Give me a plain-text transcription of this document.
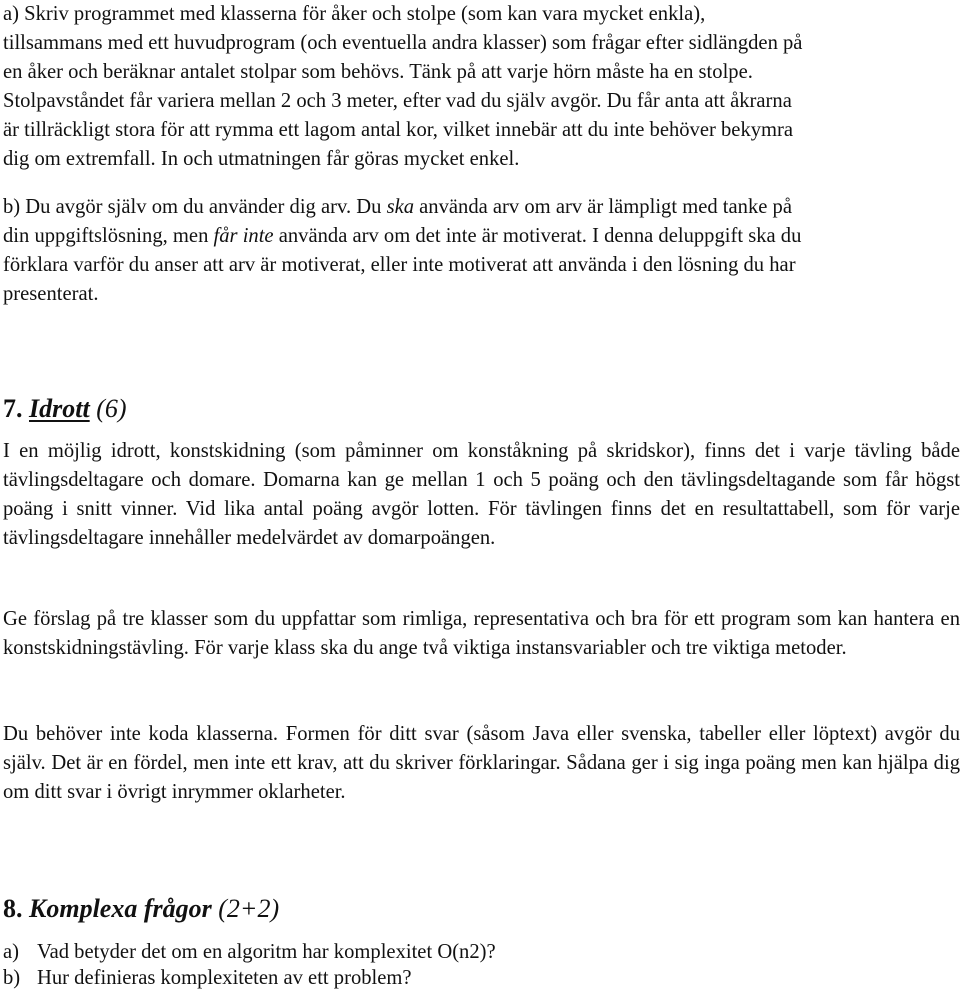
a) Skriv programmet med klasserna för åker och stolpe (som kan vara mycket enkla),
tillsammans med ett huvudprogram (och eventuella andra klasser) som frågar efter sidlängden på
en åker och beräknar antalet stolpar som behövs. Tänk på att varje hörn måste ha en stolpe.
Stolpavståndet får variera mellan 2 och 3 meter, efter vad du själv avgör. Du får anta att åkrarna
är tillräckligt stora för att rymma ett lagom antal kor, vilket innebär att du inte behöver bekymra
dig om extremfall. In och utmatningen får göras mycket enkel.
b) Du avgör själv om du använder dig arv. Du ska använda arv om arv är lämpligt med tanke på
din uppgiftslösning, men får inte använda arv om det inte är motiverat. I denna deluppgift ska du
förklara varför du anser att arv är motiverat, eller inte motiverat att använda i den lösning du har
presenterat.
7. Idrott (6)

I en möjlig idrott, konstskidning (som påminner om konståkning på skridskor), finns det i varje tävling både tävlingsdeltagare och domare. Domarna kan ge mellan 1 och 5 poäng och den tävlingsdeltagande som får högst poäng i snitt vinner. Vid lika antal poäng avgör lotten. För tävlingen finns det en resultattabell, som för varje tävlingsdeltagare innehåller medelvärdet av domarpoängen.

Ge förslag på tre klasser som du uppfattar som rimliga, representativa och bra för ett program som kan hantera en konstskidningstävling. För varje klass ska du ange två viktiga instansvariabler och tre viktiga metoder.

Du behöver inte koda klasserna. Formen för ditt svar (såsom Java eller svenska, tabeller eller löptext) avgör du själv. Det är en fördel, men inte ett krav, att du skriver förklaringar. Sådana ger i sig inga poäng men kan hjälpa dig om ditt svar i övrigt inrymmer oklarheter.

8. Komplexa frågor (2+2)
a) Vad betyder det om en algoritm har komplexitet O(n2)?
b) Hur definieras komplexiteten av ett problem?
